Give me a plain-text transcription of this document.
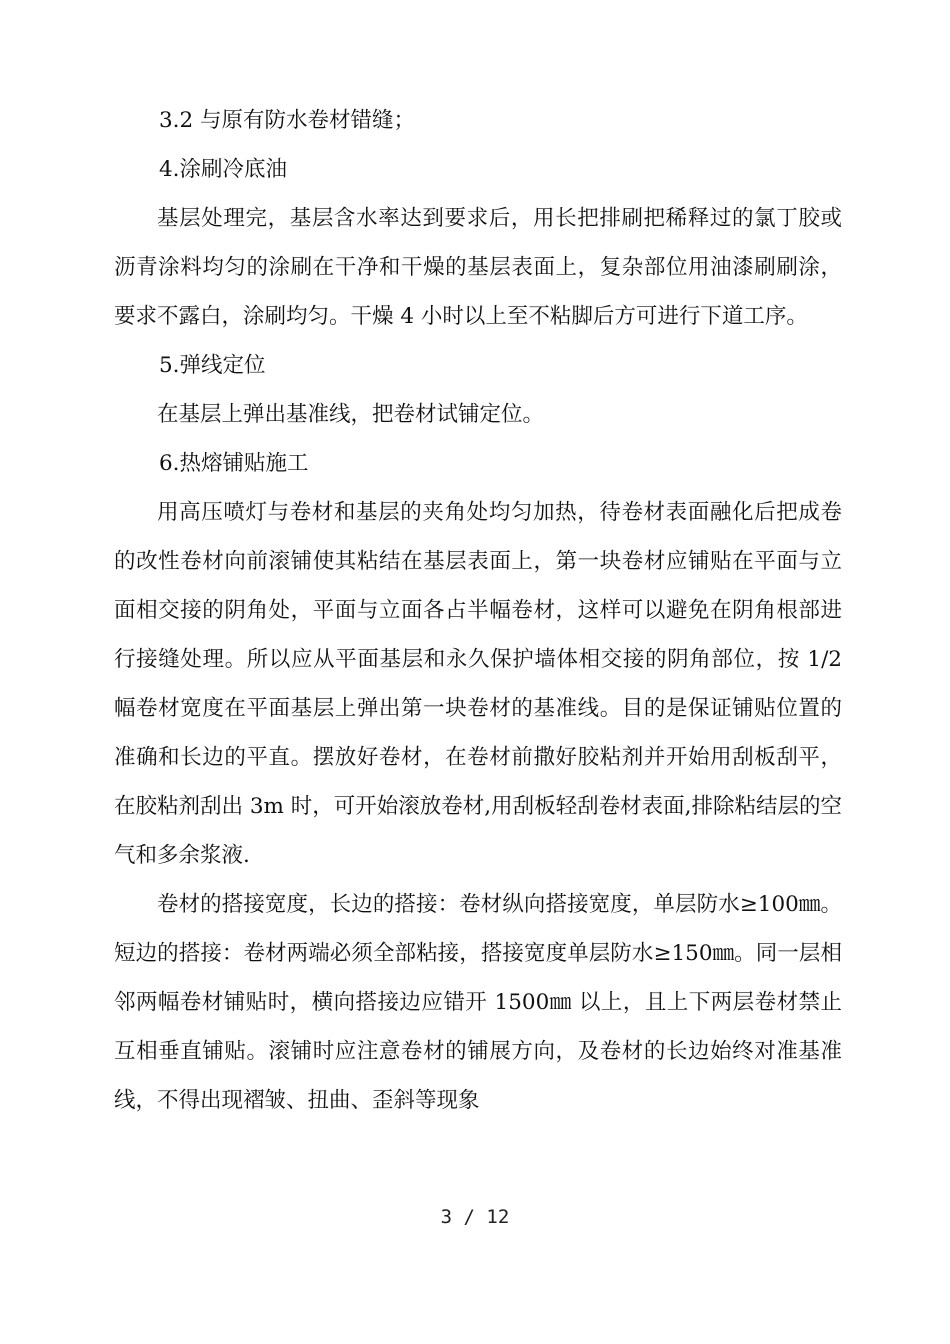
3.2 与原有防水卷材错缝；

4.涂刷冷底油

基层处理完，基层含水率达到要求后，用长把排刷把稀释过的氯丁胶或沥青涂料均匀的涂刷在干净和干燥的基层表面上，复杂部位用油漆刷刷涂，要求不露白，涂刷均匀。干燥 4 小时以上至不粘脚后方可进行下道工序。

5.弹线定位

在基层上弹出基准线，把卷材试铺定位。

6.热熔铺贴施工

用高压喷灯与卷材和基层的夹角处均匀加热，待卷材表面融化后把成卷的改性卷材向前滚铺使其粘结在基层表面上，第一块卷材应铺贴在平面与立面相交接的阴角处，平面与立面各占半幅卷材，这样可以避免在阴角根部进行接缝处理。所以应从平面基层和永久保护墙体相交接的阴角部位，按 1/2 幅卷材宽度在平面基层上弹出第一块卷材的基准线。目的是保证铺贴位置的准确和长边的平直。摆放好卷材，在卷材前撒好胶粘剂并开始用刮板刮平，在胶粘剂刮出 3m 时，可开始滚放卷材,用刮板轻刮卷材表面,排除粘结层的空气和多余浆液.

卷材的搭接宽度，长边的搭接：卷材纵向搭接宽度，单层防水≥100㎜。短边的搭接：卷材两端必须全部粘接，搭接宽度单层防水≥150㎜。同一层相邻两幅卷材铺贴时，横向搭接边应错开 1500㎜ 以上，且上下两层卷材禁止互相垂直铺贴。滚铺时应注意卷材的铺展方向，及卷材的长边始终对准基准线，不得出现褶皱、扭曲、歪斜等现象

3 / 12
